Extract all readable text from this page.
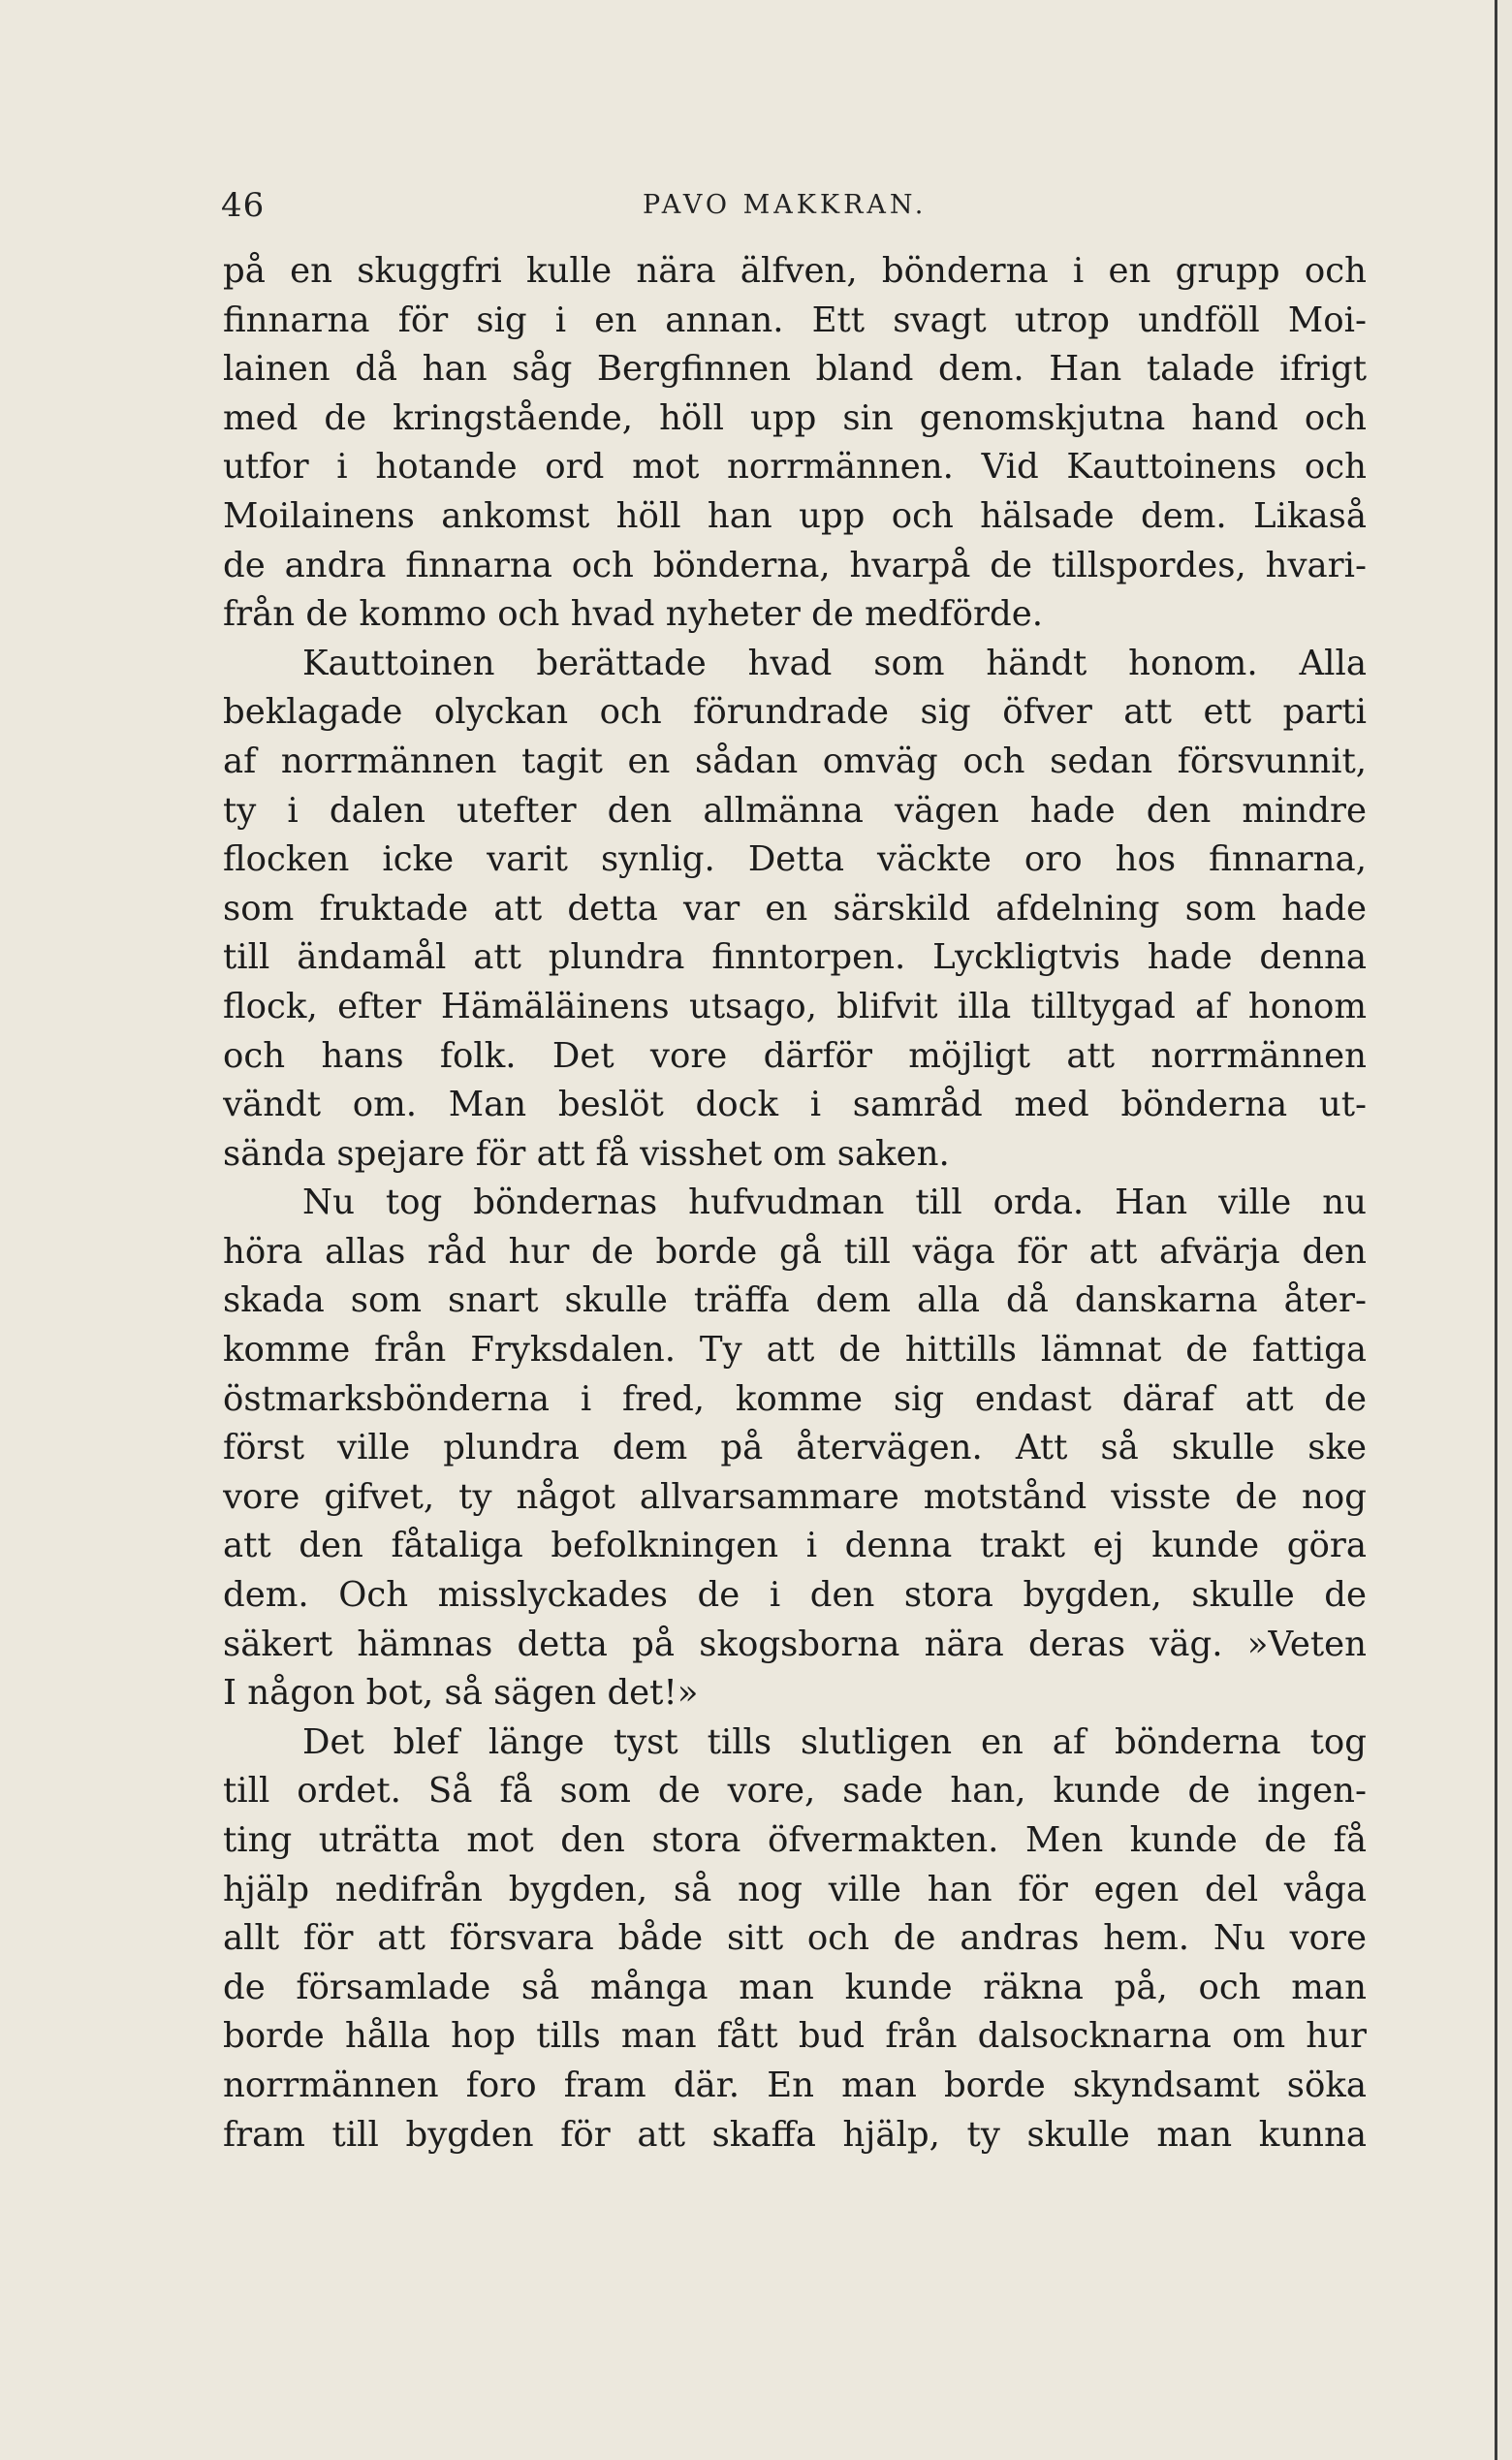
46	PAVO MAKKRAN.
på en skuggfri kulle nära älfven, bönderna i en grupp och
finnarna för sig i en annan. Ett svagt utrop undföll Moi-
lainen då han såg Bergfinnen bland dem. Han talade ifrigt
med de kringstående, höll upp sin genomskjutna hand och
utfor i hotande ord mot norrmännen. Vid Kauttoinens och
Moilainens ankomst höll han upp och hälsade dem. Likaså
de andra finnarna och bönderna, hvarpå de tillspordes, hvari-
från de kommo och hvad nyheter de medförde.
Kauttoinen berättade hvad som händt honom. Alla
beklagade olyckan och förundrade sig öfver att ett parti
af norrmännen tagit en sådan omväg och sedan försvunnit,
ty i dalen utefter den allmänna vägen hade den mindre
flocken icke varit synlig. Detta väckte oro hos finnarna,
som fruktade att detta var en särskild afdelning som hade
till ändamål att plundra finntorpen. Lyckligtvis hade denna
flock, efter Hämäläinens utsago, blifvit illa tilltygad af honom
och hans folk. Det vore därför möjligt att norrmännen
vändt om. Man beslöt dock i samråd med bönderna ut-
sända spejare för att få visshet om saken.
Nu tog böndernas hufvudman till orda. Han ville nu
höra allas råd hur de borde gå till väga för att afvärja den
skada som snart skulle träffa dem alla då danskarna åter-
komme från Fryksdalen. Ty att de hittills lämnat de fattiga
östmarksbönderna i fred, komme sig endast däraf att de
först ville plundra dem på återvägen. Att så skulle ske
vore gifvet, ty något allvarsammare motstånd visste de nog
att den fåtaliga befolkningen i denna trakt ej kunde göra
dem. Och misslyckades de i den stora bygden, skulle de
säkert hämnas detta på skogsborna nära deras väg. »Veten
I någon bot, så sägen det!»
Det blef länge tyst tills slutligen en af bönderna tog
till ordet. Så få som de vore, sade han, kunde de ingen-
ting uträtta mot den stora öfvermakten. Men kunde de få
hjälp nedifrån bygden, så nog ville han för egen del våga
allt för att försvara både sitt och de andras hem. Nu vore
de församlade så många man kunde räkna på, och man
borde hålla hop tills man fått bud från dalsocknarna om hur
norrmännen foro fram där. En man borde skyndsamt söka
fram till bygden för att skaffa hjälp, ty skulle man kunna
